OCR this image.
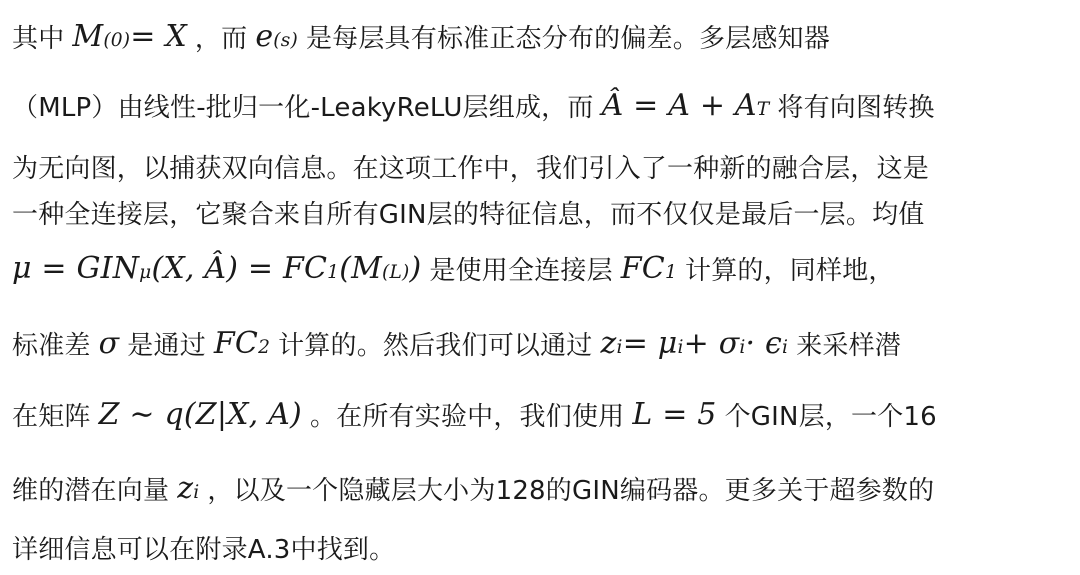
其中 M (0) = X ，而 e (s) 是每层具有标准正态分布的偏差。多层感知器
（MLP）由线性-批归一化-LeakyReLU层组成，而 Â = A + A T 将有向图转换
为无向图，以捕获双向信息。在这项工作中，我们引入了一种新的融合层，这是
一种全连接层，它聚合来自所有GIN层的特征信息，而不仅仅是最后一层。均值
μ = GIN μ (X, Â) = FC 1 (M (L) ) 是使用全连接层 FC 1 计算的，同样地，
标准差 σ 是通过 FC 2 计算的。然后我们可以通过 z i = μ i + σ i · ϵ i 来采样潜
在矩阵 Z ∼ q(Z|X, A) 。在所有实验中，我们使用 L = 5 个GIN层，一个16
维的潜在向量 z i ，以及一个隐藏层大小为128的GIN编码器。更多关于超参数的
详细信息可以在附录A.3中找到。
